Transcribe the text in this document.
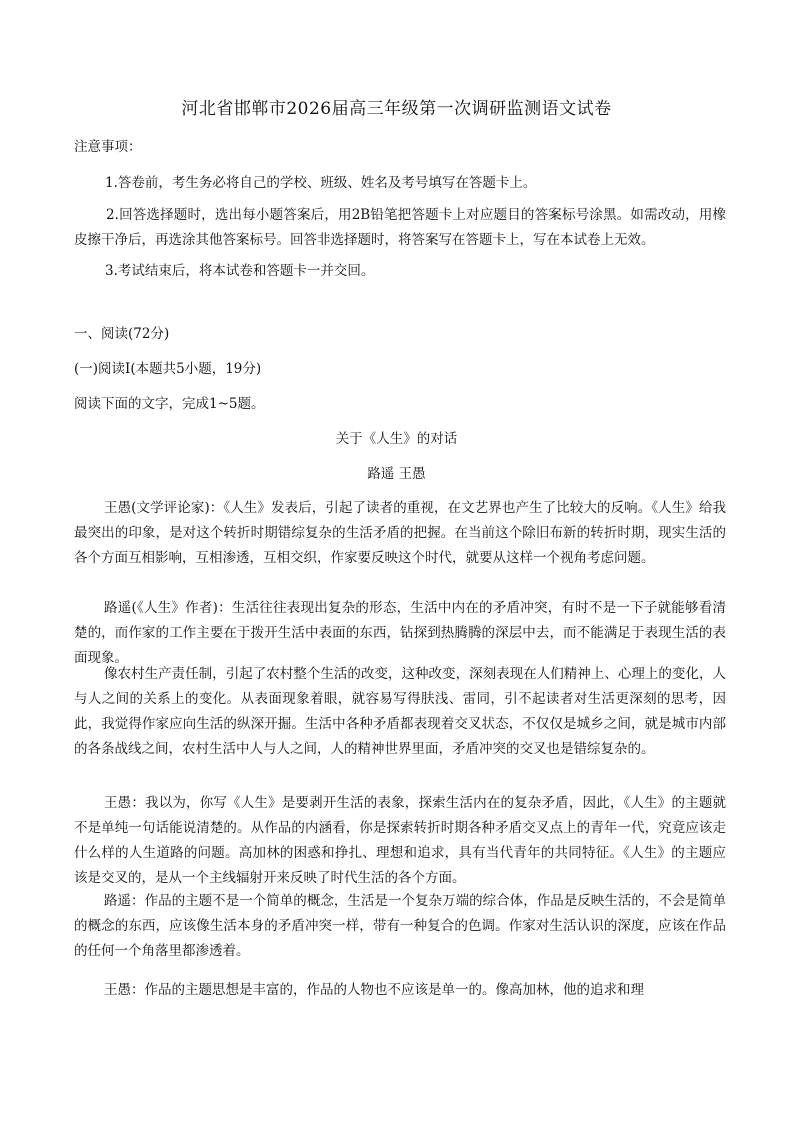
河北省邯郸市2026届高三年级第一次调研监测语文试卷
注意事项：
1.答卷前，考生务必将自己的学校、班级、姓名及考号填写在答题卡上。
2.回答选择题时，选出每小题答案后，用2B铅笔把答题卡上对应题目的答案标号涂黑。如需改动，用橡皮擦干净后，再选涂其他答案标号。回答非选择题时，将答案写在答题卡上，写在本试卷上无效。
3.考试结束后，将本试卷和答题卡一并交回。
一、阅读(72分)
(一)阅读Ⅰ(本题共5小题，19分)
阅读下面的文字，完成1~5题。
关于《人生》的对话
路遥 王愚
王愚(文学评论家)：《人生》发表后，引起了读者的重视，在文艺界也产生了比较大的反响。《人生》给我最突出的印象，是对这个转折时期错综复杂的生活矛盾的把握。在当前这个除旧布新的转折时期，现实生活的各个方面互相影响，互相渗透，互相交织，作家要反映这个时代，就要从这样一个视角考虑问题。
路遥(《人生》作者)：生活往往表现出复杂的形态，生活中内在的矛盾冲突，有时不是一下子就能够看清楚的，而作家的工作主要在于拨开生活中表面的东西，钻探到热腾腾的深层中去，而不能满足于表现生活的表面现象。
像农村生产责任制，引起了农村整个生活的改变，这种改变，深刻表现在人们精神上、心理上的变化，人与人之间的关系上的变化。从表面现象着眼，就容易写得肤浅、雷同，引不起读者对生活更深刻的思考，因此，我觉得作家应向生活的纵深开掘。生活中各种矛盾都表现着交叉状态，不仅仅是城乡之间，就是城市内部的各条战线之间，农村生活中人与人之间，人的精神世界里面，矛盾冲突的交叉也是错综复杂的。
王愚：我以为，你写《人生》是要剥开生活的表象，探索生活内在的复杂矛盾，因此，《人生》的主题就不是单纯一句话能说清楚的。从作品的内涵看，你是探索转折时期各种矛盾交叉点上的青年一代，究竟应该走什么样的人生道路的问题。高加林的困惑和挣扎、理想和追求，具有当代青年的共同特征。《人生》的主题应该是交叉的，是从一个主线辐射开来反映了时代生活的各个方面。
路遥：作品的主题不是一个简单的概念，生活是一个复杂万端的综合体，作品是反映生活的，不会是简单的概念的东西，应该像生活本身的矛盾冲突一样，带有一种复合的色调。作家对生活认识的深度，应该在作品的任何一个角落里都渗透着。
王愚：作品的主题思想是丰富的，作品的人物也不应该是单一的。像高加林，他的追求和理
